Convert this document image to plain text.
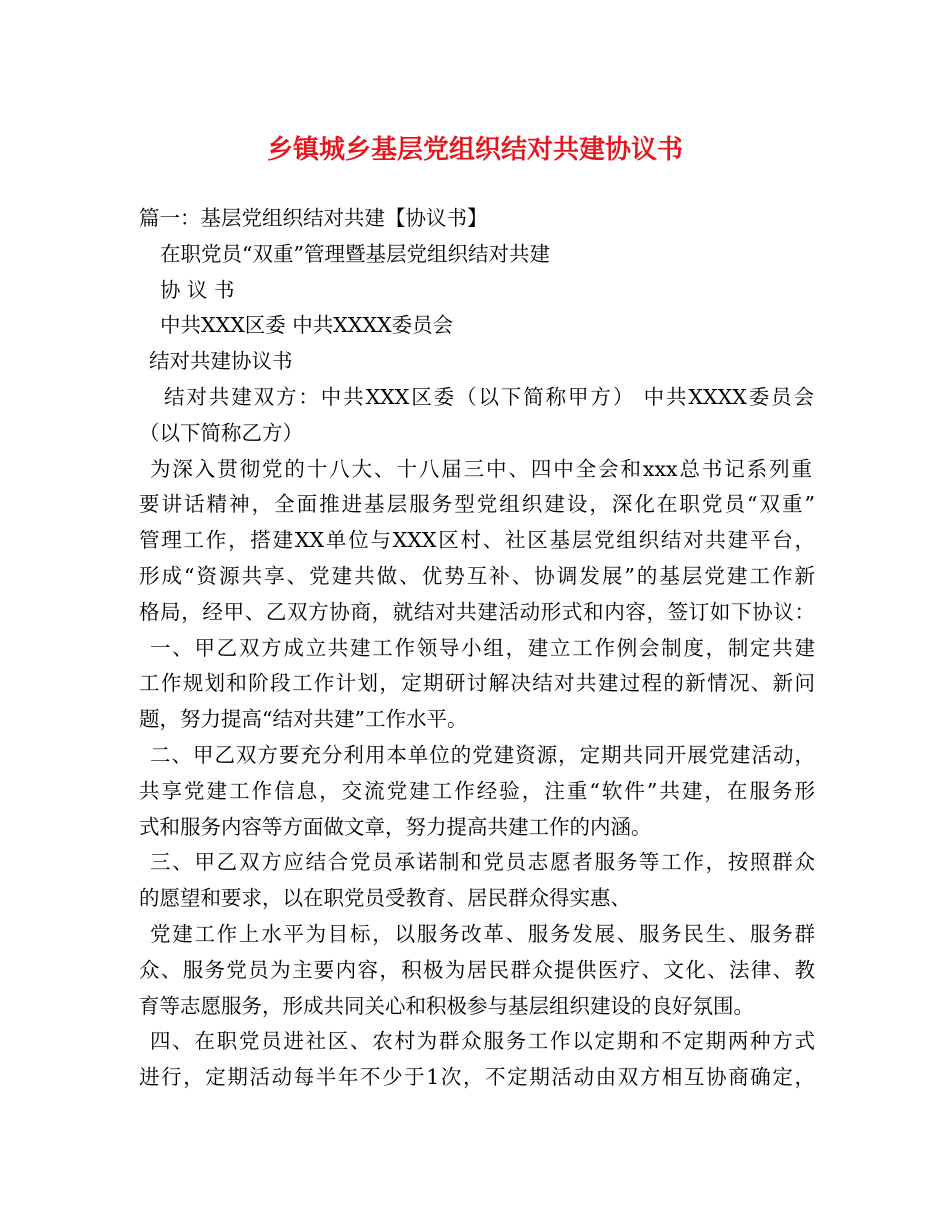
乡镇城乡基层党组织结对共建协议书
篇一：基层党组织结对共建【协议书】
在职党员“双重”管理暨基层党组织结对共建
协 议 书
中共XXX区委 中共XXXX委员会
结对共建协议书
结对共建双方：中共XXX区委（以下简称甲方） 中共XXXX委员会
（以下简称乙方）
为深入贯彻党的十八大、十八届三中、四中全会和xxx总书记系列重
要讲话精神，全面推进基层服务型党组织建设，深化在职党员“双重”
管理工作，搭建XX单位与XXX区村、社区基层党组织结对共建平台，
形成“资源共享、党建共做、优势互补、协调发展”的基层党建工作新
格局，经甲、乙双方协商，就结对共建活动形式和内容，签订如下协议：
一、甲乙双方成立共建工作领导小组，建立工作例会制度，制定共建
工作规划和阶段工作计划，定期研讨解决结对共建过程的新情况、新问
题，努力提高“结对共建”工作水平。
二、甲乙双方要充分利用本单位的党建资源，定期共同开展党建活动，
共享党建工作信息，交流党建工作经验，注重“软件”共建，在服务形
式和服务内容等方面做文章，努力提高共建工作的内涵。
三、甲乙双方应结合党员承诺制和党员志愿者服务等工作，按照群众
的愿望和要求，以在职党员受教育、居民群众得实惠、
党建工作上水平为目标，以服务改革、服务发展、服务民生、服务群
众、服务党员为主要内容，积极为居民群众提供医疗、文化、法律、教
育等志愿服务，形成共同关心和积极参与基层组织建设的良好氛围。
四、在职党员进社区、农村为群众服务工作以定期和不定期两种方式
进行，定期活动每半年不少于1次，不定期活动由双方相互协商确定，
